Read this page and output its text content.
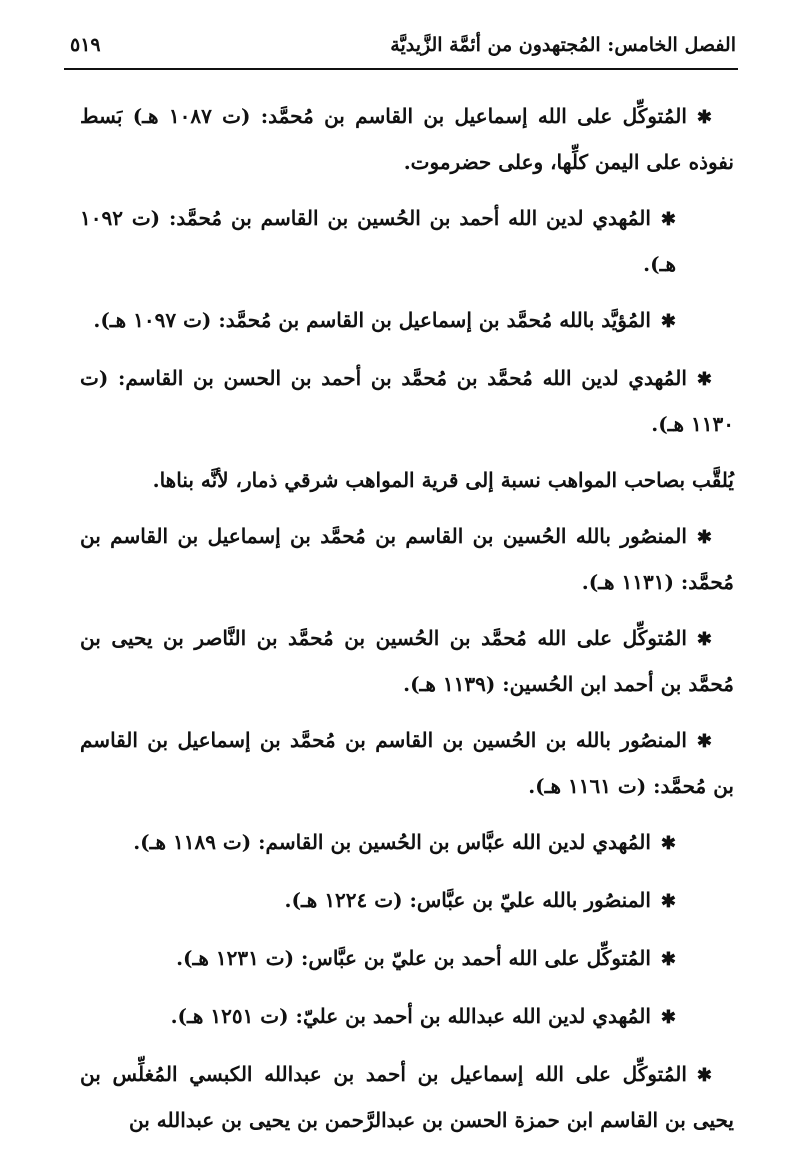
٥١٩	الفصل الخامس: المُجتهدون من أئمَّة الزَّيديَّة

✱المُتوكِّل على الله إسماعيل بن القاسم بن مُحمَّد: (ت ١٠٨٧ هـ) بَسط نفوذه على اليمن كلِّها، وعلى حضرموت.

✱المُهدي لدين الله أحمد بن الحُسين بن القاسم بن مُحمَّد: (ت ١٠٩٢ هـ).

✱المُؤيَّد بالله مُحمَّد بن إسماعيل بن القاسم بن مُحمَّد: (ت ١٠٩٧ هـ).

✱المُهدي لدين الله مُحمَّد بن مُحمَّد بن أحمد بن الحسن بن القاسم: (ت ١١٣٠ هـ).

يُلقَّب بصاحب المواهب نسبة إلى قرية المواهب شرقي ذمار، لأنَّه بناها.

✱المنصُور بالله الحُسين بن القاسم بن مُحمَّد بن إسماعيل بن القاسم بن مُحمَّد: (١١٣١ هـ).

✱المُتوكِّل على الله مُحمَّد بن الحُسين بن مُحمَّد بن النَّاصر بن يحيى بن مُحمَّد بن أحمد ابن الحُسين: (١١٣٩ هـ).

✱المنصُور بالله بن الحُسين بن القاسم بن مُحمَّد بن إسماعيل بن القاسم بن مُحمَّد: (ت ١١٦١ هـ).

✱المُهدي لدين الله عبَّاس بن الحُسين بن القاسم: (ت ١١٨٩ هـ).

✱المنصُور بالله عليّ بن عبَّاس: (ت ١٢٢٤ هـ).

✱المُتوكِّل على الله أحمد بن عليّ بن عبَّاس: (ت ١٢٣١ هـ).

✱المُهدي لدين الله عبدالله بن أحمد بن عليّ: (ت ١٢٥١ هـ).

✱المُتوكِّل على الله إسماعيل بن أحمد بن عبدالله الكبسي المُغلِّس بن يحيى بن القاسم ابن حمزة الحسن بن عبدالرَّحمن بن يحيى بن عبدالله بن
